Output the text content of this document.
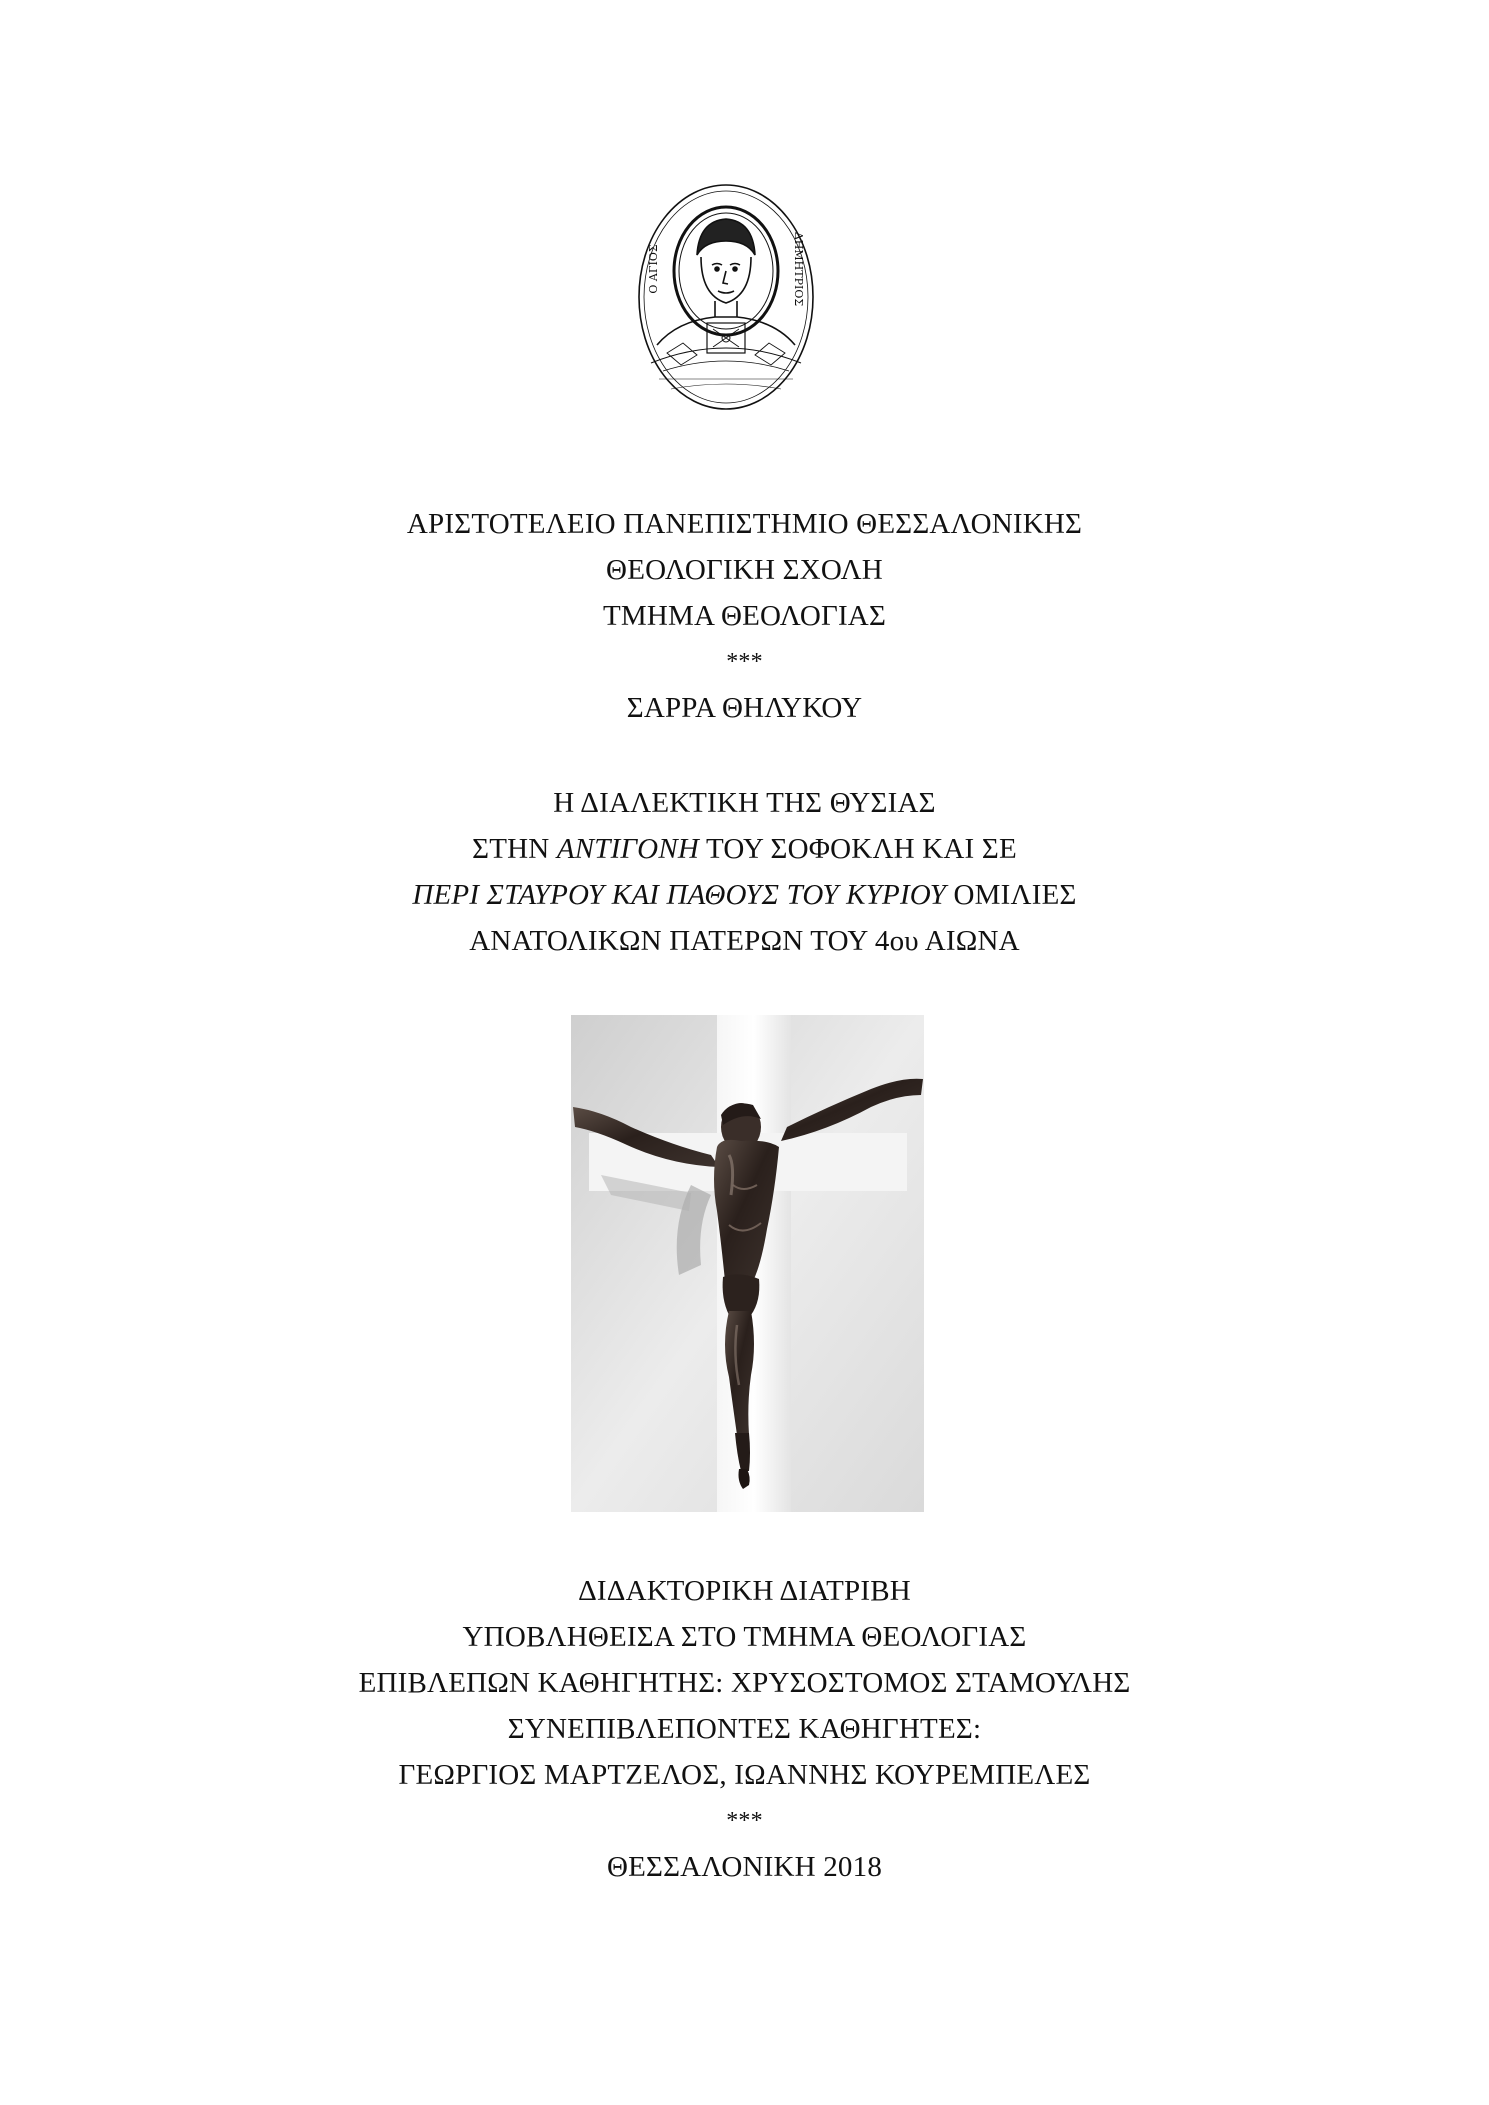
Ο ΑΓΙΟΣ	ΔΗΜΗΤΡΙΟΣ
ΑΡΙΣΤΟΤΕΛΕΙΟ ΠΑΝΕΠΙΣΤΗΜΙΟ ΘΕΣΣΑΛΟΝΙΚΗΣ
ΘΕΟΛΟΓΙΚΗ ΣΧΟΛΗ
ΤΜΗΜΑ ΘΕΟΛΟΓΙΑΣ
***
ΣΑΡΡΑ ΘΗΛΥΚΟΥ
Η ΔΙΑΛΕΚΤΙΚΗ ΤΗΣ ΘΥΣΙΑΣ
ΣΤΗΝ ΑΝΤΙΓΟΝΗ ΤΟΥ ΣΟΦΟΚΛΗ ΚΑΙ ΣΕ
ΠΕΡΙ ΣΤΑΥΡΟΥ ΚΑΙ ΠΑΘΟΥΣ ΤΟΥ ΚΥΡΙΟΥ ΟΜΙΛΙΕΣ
ΑΝΑΤΟΛΙΚΩΝ ΠΑΤΕΡΩΝ ΤΟΥ 4ου ΑΙΩΝΑ
ΔΙΔΑΚΤΟΡΙΚΗ ΔΙΑΤΡΙΒΗ
ΥΠΟΒΛΗΘΕΙΣΑ ΣΤΟ ΤΜΗΜΑ ΘΕΟΛΟΓΙΑΣ
ΕΠΙΒΛΕΠΩΝ ΚΑΘΗΓΗΤΗΣ: ΧΡΥΣΟΣΤΟΜΟΣ ΣΤΑΜΟΥΛΗΣ
ΣΥΝΕΠΙΒΛΕΠΟΝΤΕΣ ΚΑΘΗΓΗΤΕΣ:
ΓΕΩΡΓΙΟΣ ΜΑΡΤΖΕΛΟΣ, ΙΩΑΝΝΗΣ ΚΟΥΡΕΜΠΕΛΕΣ
***
ΘΕΣΣΑΛΟΝΙΚΗ 2018
